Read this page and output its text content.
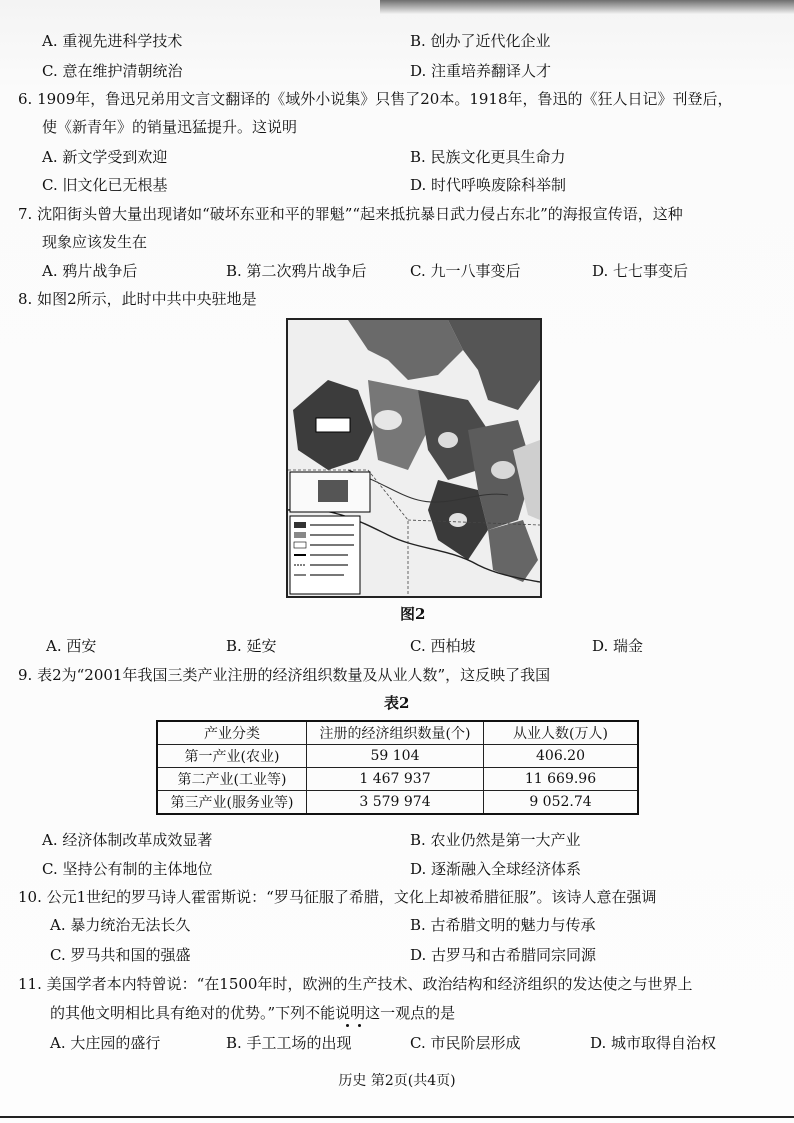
A. 重视先进科学技术	B. 创办了近代化企业
C. 意在维护清朝统治	D. 注重培养翻译人才
6. 1909年，鲁迅兄弟用文言文翻译的《域外小说集》只售了20本。1918年，鲁迅的《狂人日记》刊登后，
使《新青年》的销量迅猛提升。这说明
A. 新文学受到欢迎	B. 民族文化更具生命力
C. 旧文化已无根基	D. 时代呼唤废除科举制
7. 沈阳街头曾大量出现诸如“破坏东亚和平的罪魁”“起来抵抗暴日武力侵占东北”的海报宣传语，这种
现象应该发生在
A. 鸦片战争后	B. 第二次鸦片战争后	C. 九一八事变后	D. 七七事变后
8. 如图2所示，此时中共中央驻地是
图2
A. 西安	B. 延安	C. 西柏坡	D. 瑞金
9. 表2为“2001年我国三类产业注册的经济组织数量及从业人数”，这反映了我国
表2
产业分类	注册的经济组织数量(个)	从业人数(万人)
第一产业(农业)	59 104	406.20
第二产业(工业等)	1 467 937	11 669.96
第三产业(服务业等)	3 579 974	9 052.74
A. 经济体制改革成效显著	B. 农业仍然是第一大产业
C. 坚持公有制的主体地位	D. 逐渐融入全球经济体系
10. 公元1世纪的罗马诗人霍雷斯说：“罗马征服了希腊，文化上却被希腊征服”。该诗人意在强调
A. 暴力统治无法长久	B. 古希腊文明的魅力与传承
C. 罗马共和国的强盛	D. 古罗马和古希腊同宗同源
11. 美国学者本内特曾说：“在1500年时，欧洲的生产技术、政治结构和经济组织的发达使之与世界上
的其他文明相比具有绝对的优势。”下列不能说明这一观点的是
A. 大庄园的盛行	B. 手工工场的出现	C. 市民阶层形成	D. 城市取得自治权
历史 第2页(共4页)
